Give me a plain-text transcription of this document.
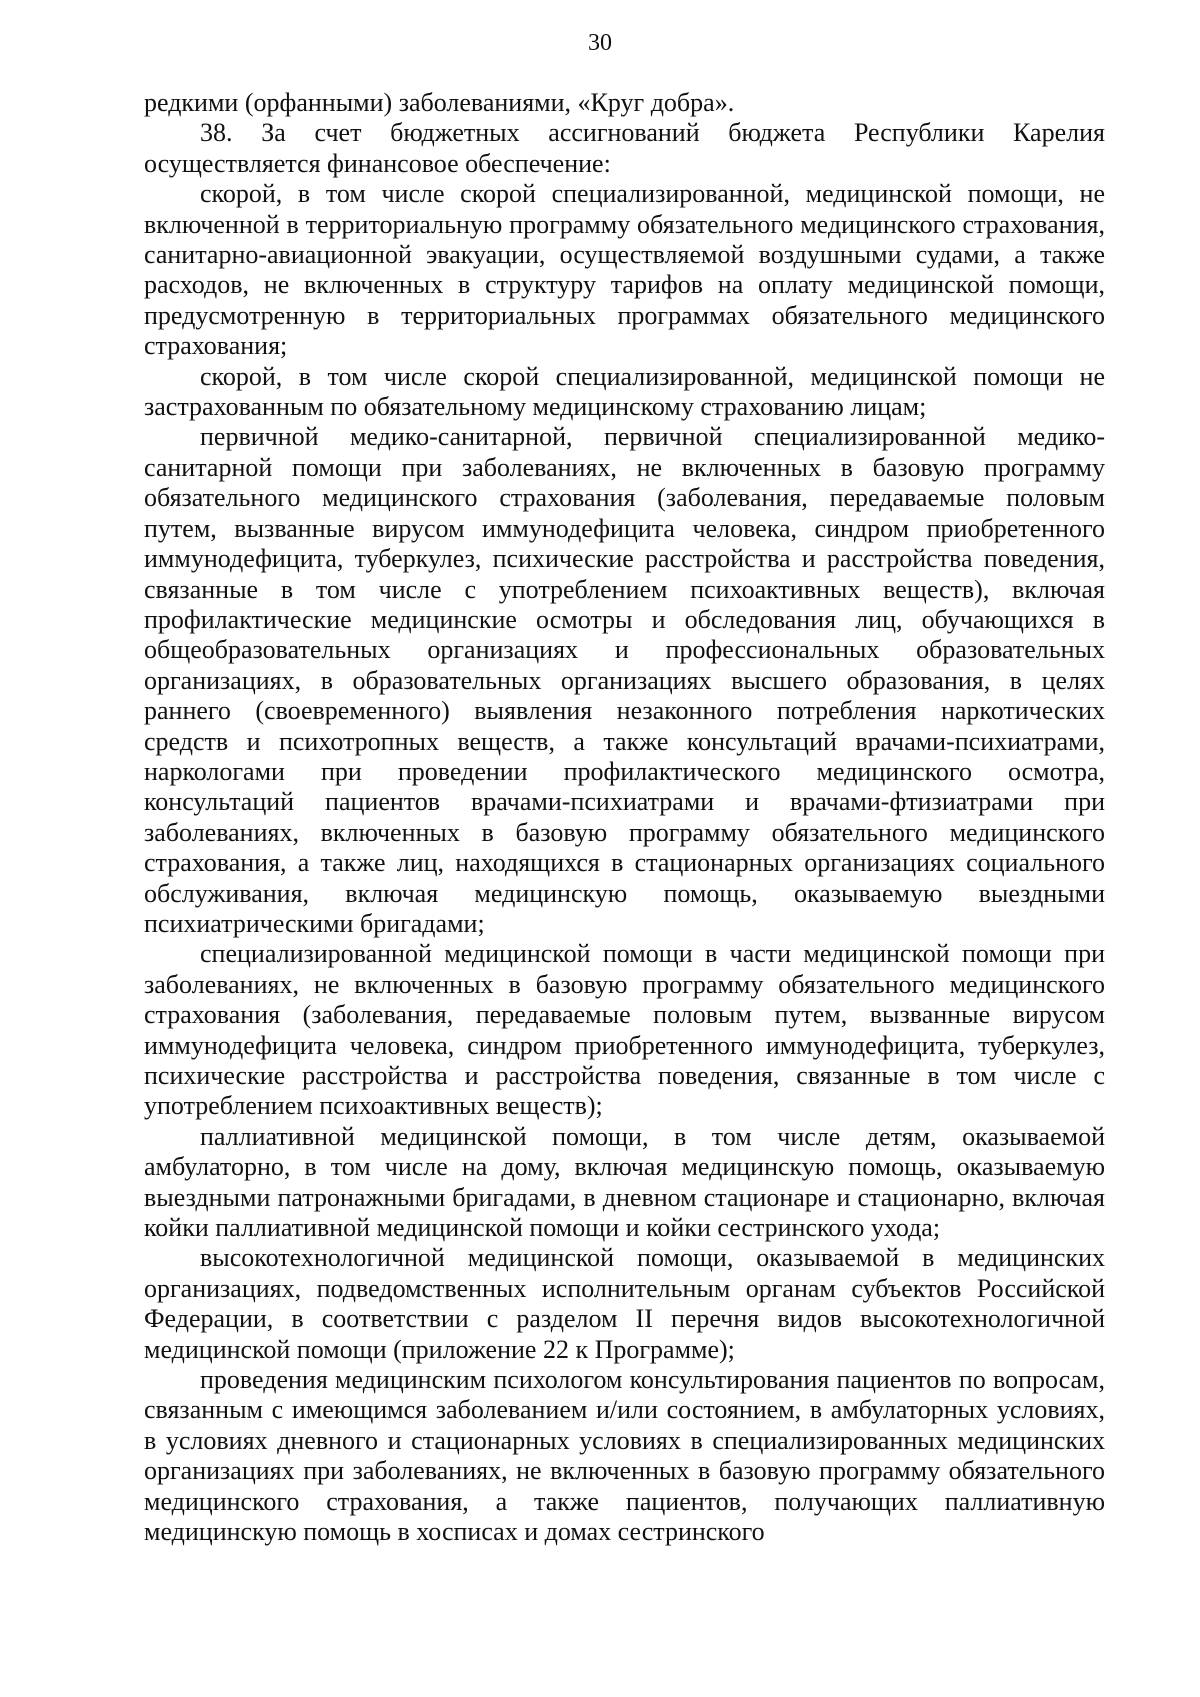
30

редкими (орфанными) заболеваниями, «Круг добра».

38. За счет бюджетных ассигнований бюджета Республики Карелия осуществляется финансовое обеспечение:

скорой, в том числе скорой специализированной, медицинской помощи, не включенной в территориальную программу обязательного медицинского страхования, санитарно-авиационной эвакуации, осуществляемой воздушными судами, а также расходов, не включенных в структуру тарифов на оплату медицинской помощи, предусмотренную в территориальных программах обязательного медицинского страхования;

скорой, в том числе скорой специализированной, медицинской помощи не застрахованным по обязательному медицинскому страхованию лицам;

первичной медико-санитарной, первичной специализированной медико-санитарной помощи при заболеваниях, не включенных в базовую программу обязательного медицинского страхования (заболевания, передаваемые половым путем, вызванные вирусом иммунодефицита человека, синдром приобретенного иммунодефицита, туберкулез, психические расстройства и расстройства поведения, связанные в том числе с употреблением психоактивных веществ), включая профилактические медицинские осмотры и обследования лиц, обучающихся в общеобразовательных организациях и профессиональных образовательных организациях, в образовательных организациях высшего образования, в целях раннего (своевременного) выявления незаконного потребления наркотических средств и психотропных веществ, а также консультаций врачами-психиатрами, наркологами при проведении профилактического медицинского осмотра, консультаций пациентов врачами-психиатрами и врачами-фтизиатрами при заболеваниях, включенных в базовую программу обязательного медицинского страхования, а также лиц, находящихся в стационарных организациях социального обслуживания, включая медицинскую помощь, оказываемую выездными психиатрическими бригадами;

специализированной медицинской помощи в части медицинской помощи при заболеваниях, не включенных в базовую программу обязательного медицинского страхования (заболевания, передаваемые половым путем, вызванные вирусом иммунодефицита человека, синдром приобретенного иммунодефицита, туберкулез, психические расстройства и расстройства поведения, связанные в том числе с употреблением психоактивных веществ);

паллиативной медицинской помощи, в том числе детям, оказываемой амбулаторно, в том числе на дому, включая медицинскую помощь, оказываемую выездными патронажными бригадами, в дневном стационаре и стационарно, включая койки паллиативной медицинской помощи и койки сестринского ухода;

высокотехнологичной медицинской помощи, оказываемой в медицинских организациях, подведомственных исполнительным органам субъектов Российской Федерации, в соответствии с разделом II перечня видов высокотехнологичной медицинской помощи (приложение 22 к Программе);

проведения медицинским психологом консультирования пациентов по вопросам, связанным с имеющимся заболеванием и/или состоянием, в амбулаторных условиях, в условиях дневного и стационарных условиях в специализированных медицинских организациях при заболеваниях, не включенных в базовую программу обязательного медицинского страхования, а также пациентов, получающих паллиативную медицинскую помощь в хосписах и домах сестринского
